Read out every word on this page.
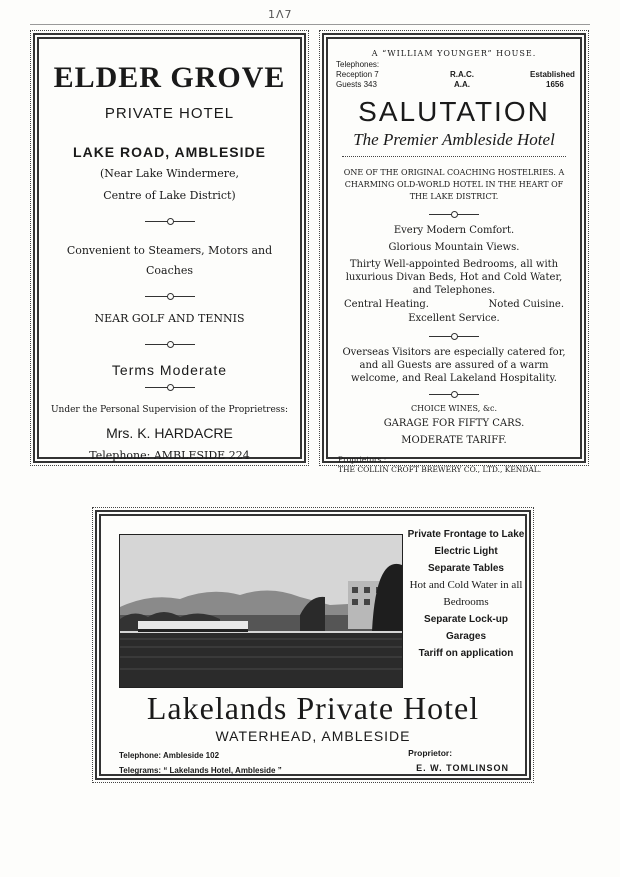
1Λ7
ELDER GROVE
PRIVATE HOTEL
LAKE ROAD, AMBLESIDE
(Near Lake Windermere,
Centre of Lake District)
Convenient to Steamers, Motors and Coaches
NEAR GOLF AND TENNIS
Terms Moderate
Under the Personal Supervision of the Proprietress:
Mrs. K. HARDACRE
Telephone: AMBLESIDE 224
A “WILLIAM YOUNGER” HOUSE.
Telephones:
Reception 7
Guests 343
R.A.C.
A.A.
Established
1656
SALUTATION
The Premier Ambleside Hotel
ONE OF THE ORIGINAL COACHING HOSTELRIES. A CHARMING OLD-WORLD HOTEL IN THE HEART OF THE LAKE DISTRICT.
Every Modern Comfort.
Glorious Mountain Views.
Thirty Well-appointed Bedrooms, all with luxurious Divan Beds, Hot and Cold Water, and Telephones.
Central Heating.	Noted Cuisine.
Excellent Service.
Overseas Visitors are especially catered for, and all Guests are assured of a warm welcome, and Real Lakeland Hospitality.
CHOICE WINES, &c.
GARAGE FOR FIFTY CARS.
MODERATE TARIFF.
Proprietors :
THE COLLIN CROFT BREWERY CO., LTD., KENDAL.
Private Frontage to Lake
Electric Light
Separate Tables
Hot and Cold Water in all Bedrooms
Separate Lock-up Garages
Tariff on application
Lakelands Private Hotel
WATERHEAD, AMBLESIDE
Telephone: Ambleside 102
Telegrams: “ Lakelands Hotel, Ambleside ”
Proprietor:
E. W. TOMLINSON
